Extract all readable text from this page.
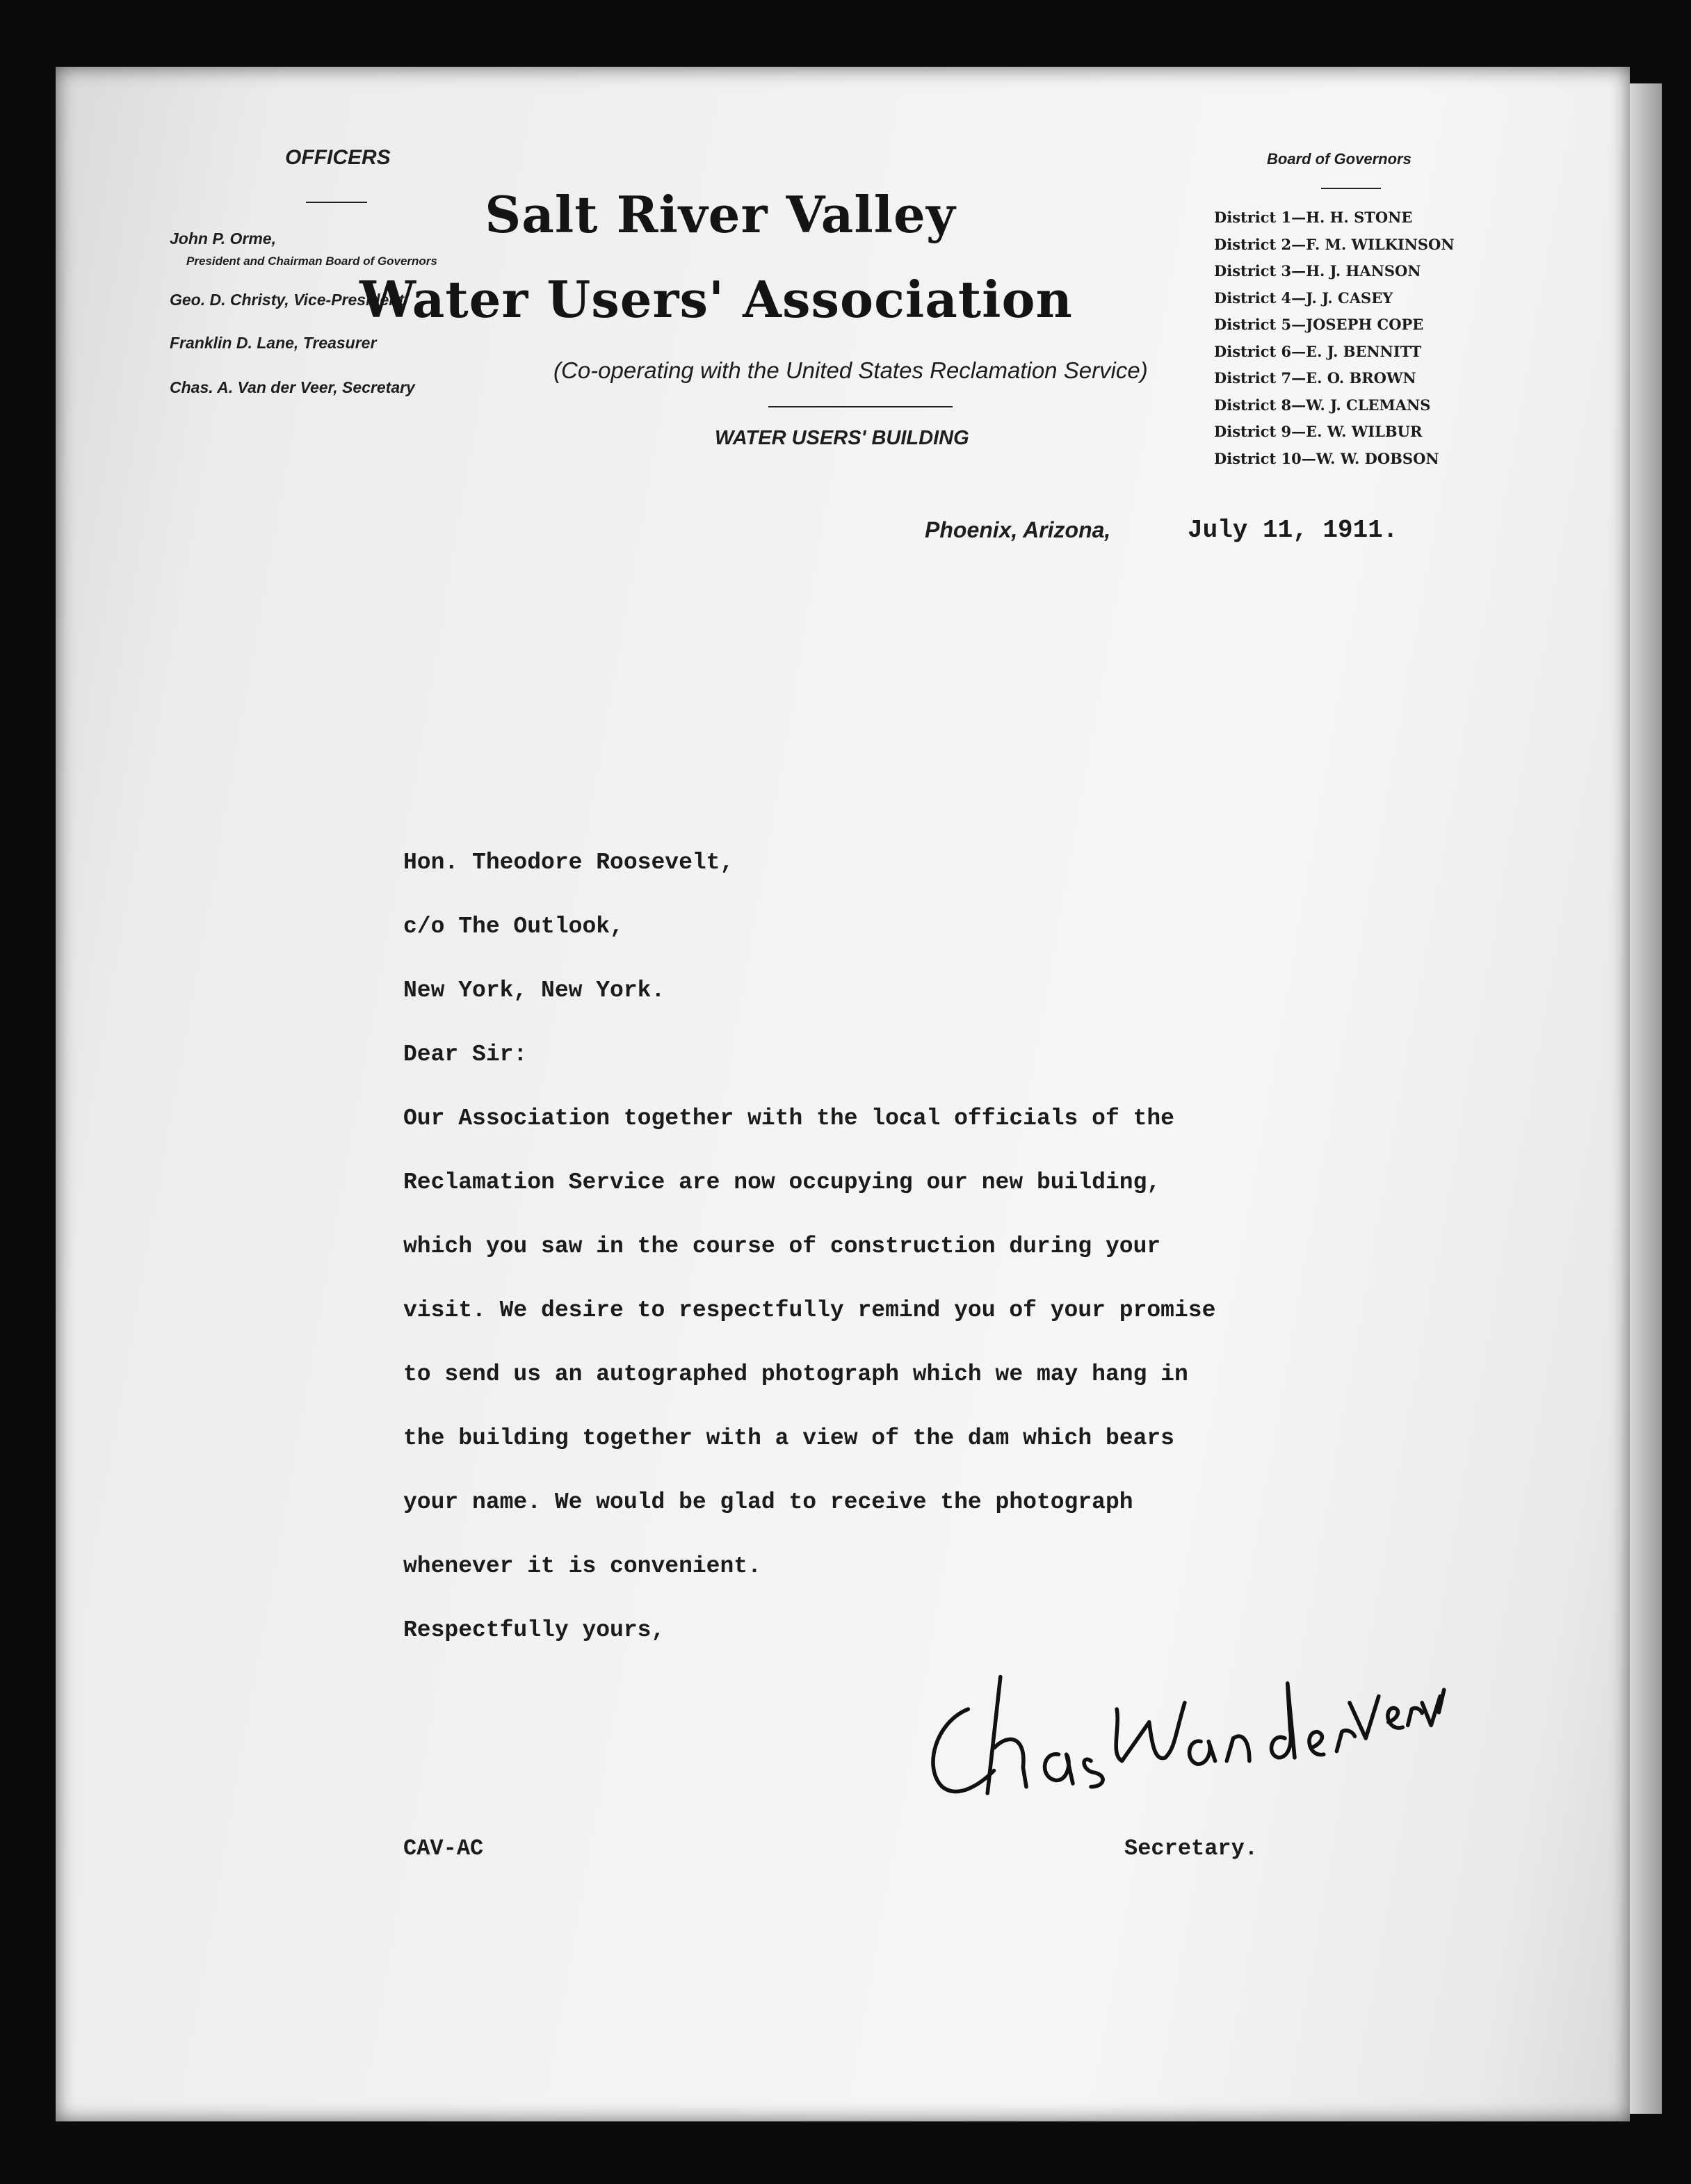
OFFICERS
John P. Orme,
President and Chairman Board of Governors
Geo. D. Christy, Vice-President
Franklin D. Lane, Treasurer
Chas. A. Van der Veer, Secretary
Salt River Valley
Water Users' Association
(Co-operating with the United States Reclamation Service)
WATER USERS' BUILDING
Board of Governors
District 1—H. H. STONE
District 2—F. M. WILKINSON
District 3—H. J. HANSON
District 4—J. J. CASEY
District 5—JOSEPH COPE
District 6—E. J. BENNITT
District 7—E. O. BROWN
District 8—W. J. CLEMANS
District 9—E. W. WILBUR
District 10—W. W. DOBSON
Phoenix, Arizona,	July 11, 1911.
Hon. Theodore Roosevelt,
c/o The Outlook,
New York, New York.
Dear Sir:
Our Association together with the local officials of the
Reclamation Service are now occupying our new building,
which you saw in the course of construction during your
visit. We desire to respectfully remind you of your promise
to send us an autographed photograph which we may hang in
the building together with a view of the dam which bears
your name. We would be glad to receive the photograph
whenever it is convenient.
Respectfully yours,
CAV-AC	Secretary.
